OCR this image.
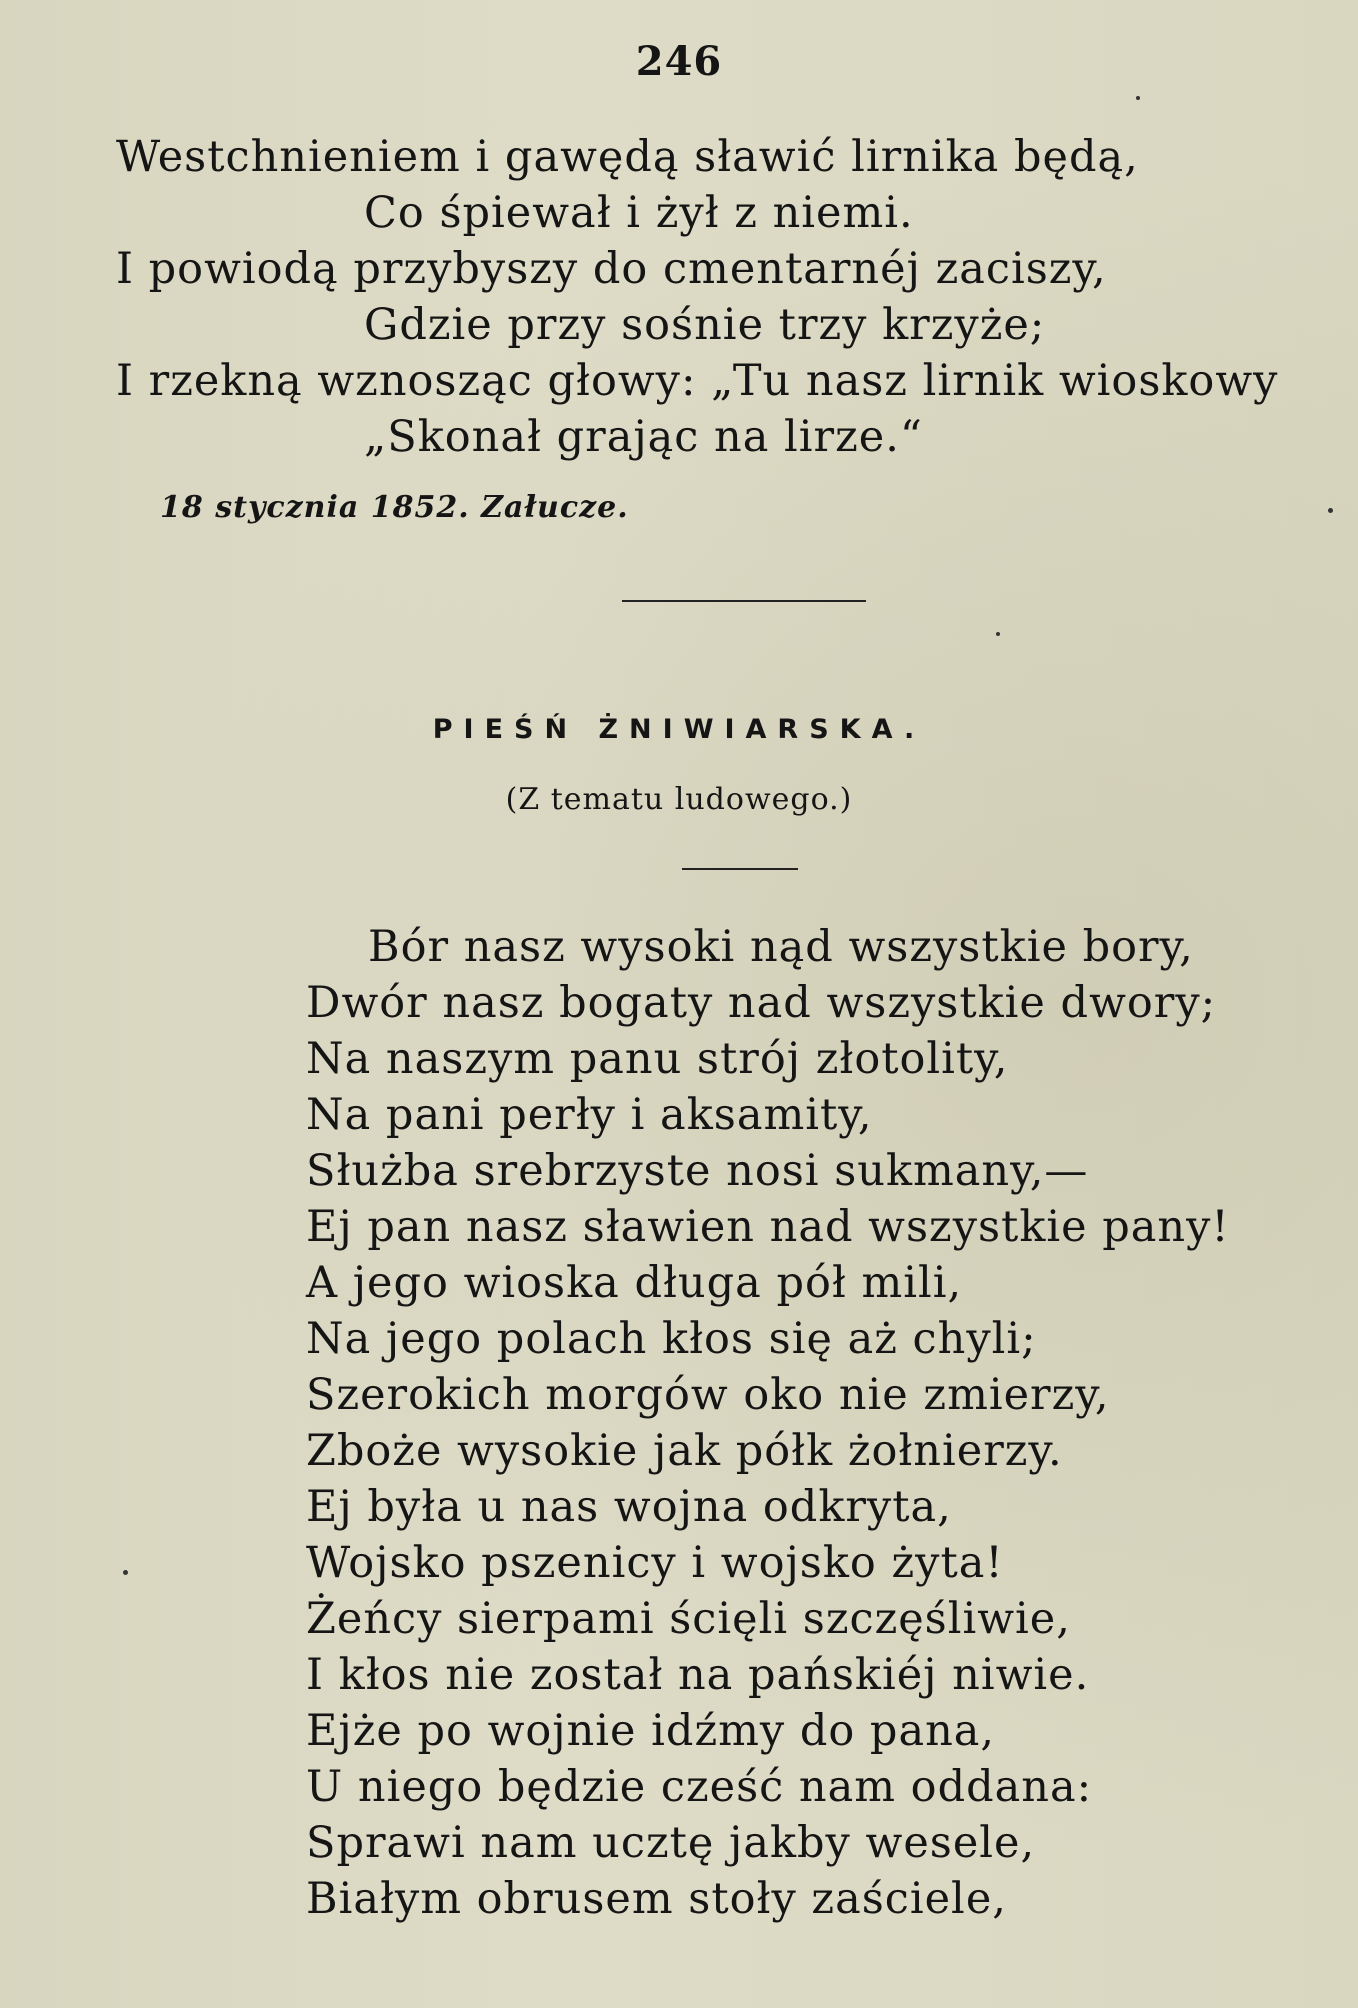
246
Westchnieniem i gawędą sławić lirnika będą,
Co śpiewał i żył z niemi.
I powiodą przybyszy do cmentarnéj zaciszy,
Gdzie przy sośnie trzy krzyże;
I rzekną wznosząc głowy: „Tu nasz lirnik wioskowy
„Skonał grając na lirze.“
18 stycznia 1852. Załucze.
PIEŚŃ ŻNIWIARSKA.
(Z tematu ludowego.)
Bór nasz wysoki nąd wszystkie bory,
Dwór nasz bogaty nad wszystkie dwory;
Na naszym panu strój złotolity,
Na pani perły i aksamity,
Służba srebrzyste nosi sukmany,—
Ej pan nasz sławien nad wszystkie pany!
A jego wioska długa pół mili,
Na jego polach kłos się aż chyli;
Szerokich morgów oko nie zmierzy,
Zboże wysokie jak półk żołnierzy.
Ej była u nas wojna odkryta,
Wojsko pszenicy i wojsko żyta!
Żeńcy sierpami ścięli szczęśliwie,
I kłos nie został na pańskiéj niwie.
Ejże po wojnie idźmy do pana,
U niego będzie cześć nam oddana:
Sprawi nam ucztę jakby wesele,
Białym obrusem stoły zaściele,
